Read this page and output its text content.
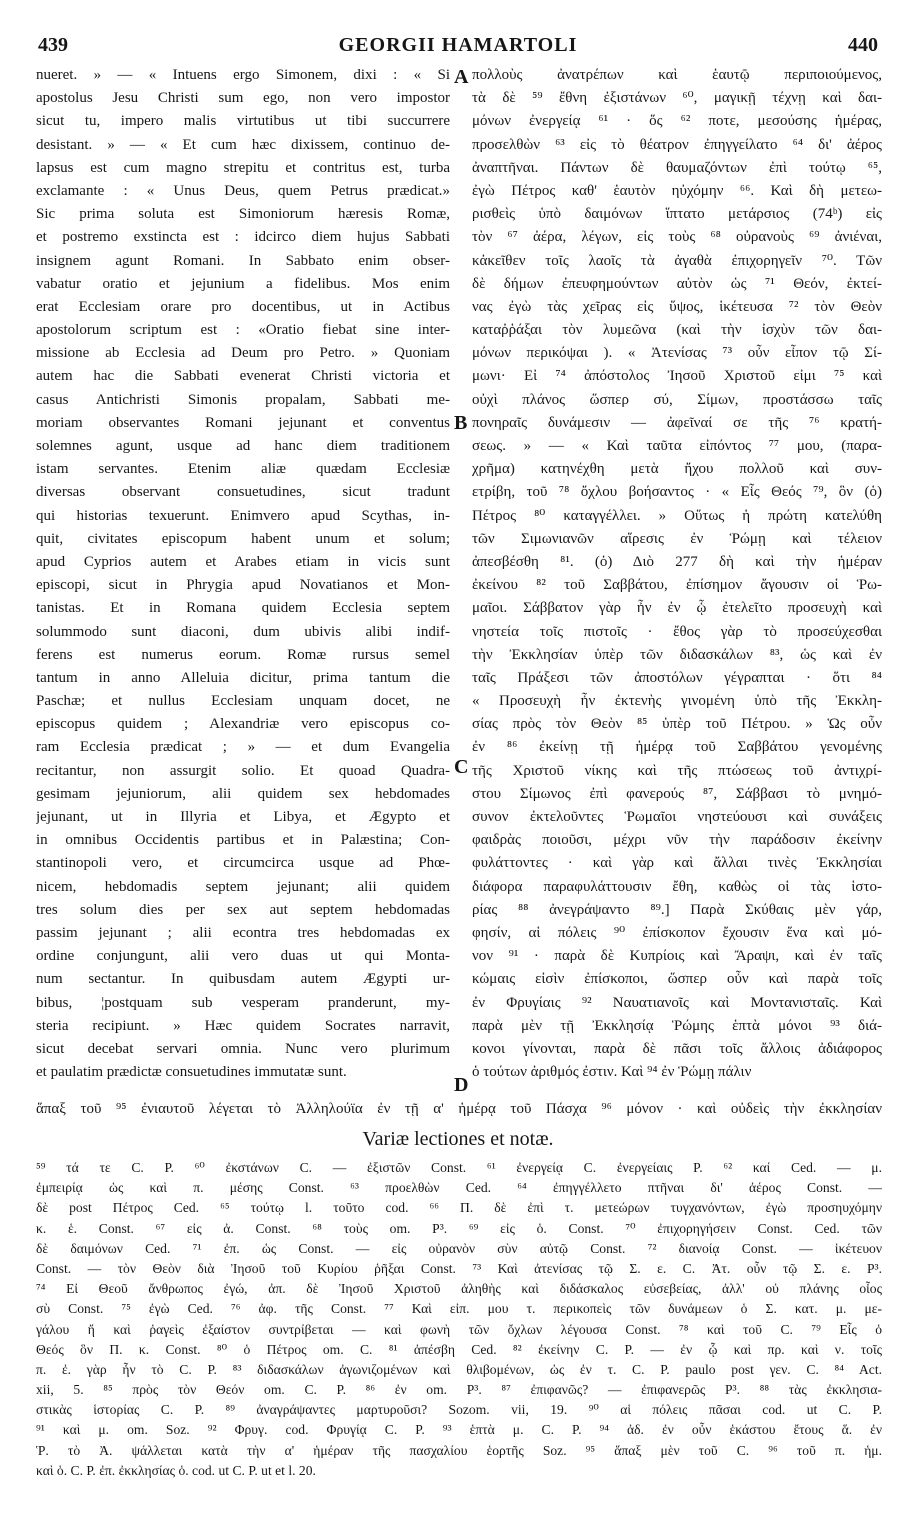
439	GEORGII HAMARTOLI	440
nueret. » — « Intuens ergo Simonem, dixi : « Si
apostolus Jesu Christi sum ego, non vero impostor
sicut tu, impero malis virtutibus ut tibi succurrere
desistant. » — « Et cum hæc dixissem, continuo de-
lapsus est cum magno strepitu et contritus est, turba
exclamante : « Unus Deus, quem Petrus prædicat.»
Sic prima soluta est Simoniorum hæresis Romæ,
et postremo exstincta est : idcirco diem hujus Sabbati
insignem agunt Romani. In Sabbato enim obser-
vabatur oratio et jejunium a fidelibus. Mos enim
erat Ecclesiam orare pro docentibus, ut in Actibus
apostolorum scriptum est : «Oratio fiebat sine inter-
missione ab Ecclesia ad Deum pro Petro. » Quoniam
autem hac die Sabbati evenerat Christi victoria et
casus Antichristi Simonis propalam, Sabbati me-
moriam observantes Romani jejunant et conventus
solemnes agunt, usque ad hanc diem traditionem
istam servantes. Etenim aliæ quædam Ecclesiæ
diversas observant consuetudines, sicut tradunt
qui historias texuerunt. Enimvero apud Scythas, in-
quit, civitates episcopum habent unum et solum;
apud Cyprios autem et Arabes etiam in vicis sunt
episcopi, sicut in Phrygia apud Novatianos et Mon-
tanistas. Et in Romana quidem Ecclesia septem
solummodo sunt diaconi, dum ubivis alibi indif-
ferens est numerus eorum. Romæ rursus semel
tantum in anno Alleluia dicitur, prima tantum die
Paschæ; et nullus Ecclesiam unquam docet, ne
episcopus quidem ; Alexandriæ vero episcopus co-
ram Ecclesia prædicat ; » — et dum Evangelia
recitantur, non assurgit solio. Et quoad Quadra-
gesimam jejuniorum, alii quidem sex hebdomades
jejunant, ut in Illyria et Libya, et Ægypto et
in omnibus Occidentis partibus et in Palæstina; Con-
stantinopoli vero, et circumcirca usque ad Phœ-
nicem, hebdomadis septem jejunant; alii quidem
tres solum dies per sex aut septem hebdomadas
passim jejunant ; alii econtra tres hebdomadas ex
ordine conjungunt, alii vero duas ut qui Monta-
num sectantur. In quibusdam autem Ægypti ur-
bibus, ¦postquam sub vesperam pranderunt, my-
steria recipiunt. » Hæc quidem Socrates narravit,
sicut decebat servari omnia. Nunc vero plurimum
et paulatim prædictæ consuetudines immutatæ sunt.
πολλοὺς ἀνατρέπων καὶ ἑαυτῷ περιποιούμενος,
τὰ δὲ ⁵⁹ ἔθνη ἐξιστάνων ⁶⁰, μαγικῇ τέχνῃ καὶ δαι-
μόνων ἐνεργείᾳ ⁶¹ · ὅς ⁶² ποτε, μεσούσης ἡμέρας,
προσελθὼν ⁶³ εἰς τὸ θέατρον ἐπηγγείλατο ⁶⁴ δι' ἀέρος
ἀναπτῆναι. Πάντων δὲ θαυμαζόντων ἐπὶ τούτῳ ⁶⁵,
ἐγὼ Πέτρος καθ' ἑαυτὸν ηὐχόμην ⁶⁶. Καὶ δὴ μετεω-
ρισθεὶς ὑπὸ δαιμόνων ἵπτατο μετάρσιος (74ᵇ) εἰς
τὸν ⁶⁷ ἀέρα, λέγων, εἰς τοὺς ⁶⁸ οὐρανοὺς ⁶⁹ ἀνιέναι,
κἀκεῖθεν τοῖς λαοῖς τὰ ἀγαθὰ ἐπιχορηγεῖν ⁷⁰. Τῶν
δὲ δήμων ἐπευφημούντων αὐτὸν ὡς ⁷¹ Θεόν, ἐκτεί-
νας ἐγὼ τὰς χεῖρας εἰς ὕψος, ἱκέτευσα ⁷² τὸν Θεὸν
καταῤῥάξαι τὸν λυμεῶνα (καὶ τὴν ἰσχὺν τῶν δαι-
μόνων περικόψαι ). « Ἀτενίσας ⁷³ οὖν εἶπον τῷ Σί-
μωνι· Εἰ ⁷⁴ ἀπόστολος Ἰησοῦ Χριστοῦ εἰμι ⁷⁵ καὶ
οὐχὶ πλάνος ὥσπερ σύ, Σίμων, προστάσσω ταῖς
πονηραῖς δυνάμεσιν — ἀφεῖναί σε τῆς ⁷⁶ κρατή-
σεως. » — « Καὶ ταῦτα εἰπόντος ⁷⁷ μου, (παρα-
χρῆμα) κατηνέχθη μετὰ ἤχου πολλοῦ καὶ συν-
ετρίβη, τοῦ ⁷⁸ ὄχλου βοήσαντος · « Εἷς Θεός ⁷⁹, ὃν (ὁ)
Πέτρος ⁸⁰ καταγγέλλει. » Οὕτως ἡ πρώτη κατελύθη
τῶν Σιμωνιανῶν αἵρεσις ἐν Ῥώμῃ καὶ τέλειον
ἀπεσβέσθη ⁸¹. (ὁ) Διὸ 277 δὴ καὶ τὴν ἡμέραν
ἐκείνου ⁸² τοῦ Σαββάτου, ἐπίσημον ἄγουσιν οἱ Ῥω-
μαῖοι. Σάββατον γὰρ ἦν ἐν ᾧ ἐτελεῖτο προσευχὴ καὶ
νηστεία τοῖς πιστοῖς · ἔθος γὰρ τὸ προσεύχεσθαι
τὴν Ἐκκλησίαν ὑπὲρ τῶν διδασκάλων ⁸³, ὡς καὶ ἐν
ταῖς Πράξεσι τῶν ἀποστόλων γέγραπται · ὅτι ⁸⁴
« Προσευχὴ ἦν ἐκτενὴς γινομένη ὑπὸ τῆς Ἐκκλη-
σίας πρὸς τὸν Θεὸν ⁸⁵ ὑπὲρ τοῦ Πέτρου. » Ὡς οὖν
ἐν ⁸⁶ ἐκείνῃ τῇ ἡμέρᾳ τοῦ Σαββάτου γενομένης
τῆς Χριστοῦ νίκης καὶ τῆς πτώσεως τοῦ ἀντιχρί-
στου Σίμωνος ἐπὶ φανερούς ⁸⁷, Σάββασι τὸ μνημό-
συνον ἐκτελοῦντες Ῥωμαῖοι νηστεύουσι καὶ συνάξεις
φαιδρὰς ποιοῦσι, μέχρι νῦν τὴν παράδοσιν ἐκείνην
φυλάττοντες · καὶ γὰρ καὶ ἄλλαι τινὲς Ἐκκλησίαι
διάφορα παραφυλάττουσιν ἔθη, καθὼς οἱ τὰς ἱστο-
ρίας ⁸⁸ ἀνεγράψαντο ⁸⁹.] Παρὰ Σκύθαις μὲν γάρ,
φησίν, αἱ πόλεις ⁹⁰ ἐπίσκοπον ἔχουσιν ἕνα καὶ μό-
νον ⁹¹ · παρὰ δὲ Κυπρίοις καὶ Ἄραψι, καὶ ἐν ταῖς
κώμαις εἰσὶν ἐπίσκοποι, ὥσπερ οὖν καὶ παρὰ τοῖς
ἐν Φρυγίαις ⁹² Ναυατιανοῖς καὶ Μοντανισταῖς. Καὶ
παρὰ μὲν τῇ Ἐκκλησίᾳ Ῥώμης ἑπτὰ μόνοι ⁹³ διά-
κονοι γίνονται, παρὰ δὲ πᾶσι τοῖς ἄλλοις ἀδιάφορος
ὁ τούτων ἀριθμός ἐστιν. Καὶ ⁹⁴ ἐν Ῥώμῃ πάλιν
A
B
C
D
ἅπαξ τοῦ ⁹⁵ ἐνιαυτοῦ λέγεται τὸ Ἀλληλούϊα ἐν τῇ α' ἡμέρᾳ τοῦ Πάσχα ⁹⁶ μόνον · καὶ οὐδεὶς τὴν ἐκκλησίαν
Variæ lectiones et notæ.
⁵⁹ τά τε C. P. ⁶⁰ ἐκστάνων C. — ἐξιστῶν Const. ⁶¹ ἐνεργείᾳ C. ἐνεργείαις P. ⁶² καί Ced. — μ.
ἐμπειρίᾳ ὡς καὶ π. μέσης Const. ⁶³ προελθὼν Ced. ⁶⁴ ἐπηγγέλλετο πτῆναι δι' ἀέρος Const. —
δὲ post Πέτρος Ced. ⁶⁵ τούτῳ l. τοῦτο cod. ⁶⁶ Π. δὲ ἐπὶ τ. μετεώρων τυγχανόντων, ἐγὼ προσηυχόμην
κ. ἑ. Const. ⁶⁷ εἰς ἀ. Const. ⁶⁸ τοὺς om. P³. ⁶⁹ εἰς ὁ. Const. ⁷⁰ ἐπιχορηγήσειν Const. Ced. τῶν
δὲ δαιμόνων Ced. ⁷¹ ἐπ. ὡς Const. — εἰς οὐρανὸν σὺν αὐτῷ Const. ⁷² διανοίᾳ Const. — ἱκέτευον
Const. — τὸν Θεὸν διὰ Ἰησοῦ τοῦ Κυρίου ῥῆξαι Const. ⁷³ Καὶ ἀτενίσας τῷ Σ. ε. C. Ἀτ. οὖν τῷ Σ. ε. P³.
⁷⁴ Εἰ Θεοῦ ἄνθρωπος ἐγώ, ἀπ. δὲ Ἰησοῦ Χριστοῦ ἀληθὴς καὶ διδάσκαλος εὐσεβείας, ἀλλ' οὐ πλάνης οἷος
σὺ Const. ⁷⁵ ἐγὼ Ced. ⁷⁶ ἀφ. τῆς Const. ⁷⁷ Καὶ εἰπ. μου τ. περικοπεὶς τῶν δυνάμεων ὁ Σ. κατ. μ. με-
γάλου ἤ καὶ ῥαγεὶς ἐξαίστον συντρίβεται — καὶ φωνὴ τῶν ὄχλων λέγουσα Const. ⁷⁸ καὶ τοῦ C. ⁷⁹ Εἷς ὁ
Θεός ὃν Π. κ. Const. ⁸⁰ ὁ Πέτρος om. C. ⁸¹ ἀπέσβη Ced. ⁸² ἐκείνην C. P. — ἐν ᾧ καὶ πρ. καὶ ν. τοῖς
π. ἐ. γὰρ ἦν τὸ C. P. ⁸³ διδασκάλων ἀγωνιζομένων καὶ θλιβομένων, ὡς ἐν τ. C. P. paulo post γεν. C. ⁸⁴ Act.
xii, 5. ⁸⁵ πρὸς τὸν Θεόν om. C. P. ⁸⁶ ἐν om. P³. ⁸⁷ ἐπιφανῶς? — ἐπιφανερῶς P³. ⁸⁸ τὰς ἐκκλησια-
στικὰς ἱστορίας C. P. ⁸⁹ ἀναγράψαντες μαρτυροῦσι? Sozom. vii, 19. ⁹⁰ αἱ πόλεις πᾶσαι cod. ut C. P.
⁹¹ καὶ μ. om. Soz. ⁹² Φρυγ. cod. Φρυγίᾳ C. P. ⁹³ ἑπτὰ μ. C. P. ⁹⁴ ἀδ. ἐν οὖν ἑκάστου ἔτους ἅ. ἐν
Ῥ. τὸ Ἀ. ψάλλεται κατὰ τὴν α' ἡμέραν τῆς πασχαλίου ἑορτῆς Soz. ⁹⁵ ἅπαξ μὲν τοῦ C. ⁹⁶ τοῦ π. ἡμ.
καὶ ὁ. C. P. ἐπ. ἐκκλησίας ὁ. cod. ut C. P. ut et l. 20.
